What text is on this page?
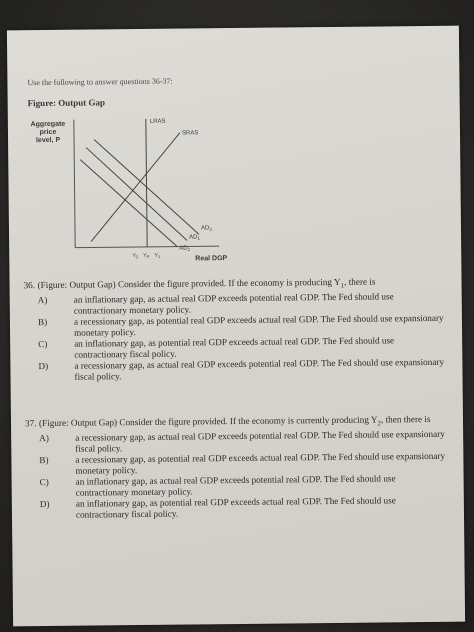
Use the following to answer questions 36-37:
Figure: Output Gap
Aggregate
price
level, P
LRAS
SRAS
$AD_3$
$AD_1$
$AD_2$
$Y_2$ $Y_P$ $Y_1$	Real DGP
36. (Figure: Output Gap) Consider the figure provided. If the economy is producing $Y_1$, there is
A)	an inflationary gap, as actual real GDP exceeds potential real GDP. The Fed should use contractionary monetary policy.
B)	a recessionary gap, as potential real GDP exceeds actual real GDP. The Fed should use expansionary monetary policy.
C)	an inflationary gap, as potential real GDP exceeds actual real GDP. The Fed should use contractionary fiscal policy.
D)	a recessionary gap, as actual real GDP exceeds potential real GDP. The Fed should use expansionary fiscal policy.
37. (Figure: Output Gap) Consider the figure provided. If the economy is currently producing $Y_2$, then there is
A)	a recessionary gap, as actual real GDP exceeds potential real GDP. The Fed should use expansionary fiscal policy.
B)	a recessionary gap, as potential real GDP exceeds actual real GDP. The Fed should use expansionary monetary policy.
C)	an inflationary gap, as actual real GDP exceeds potential real GDP. The Fed should use contractionary monetary policy.
D)	an inflationary gap, as potential real GDP exceeds actual real GDP. The Fed should use contractionary fiscal policy.
